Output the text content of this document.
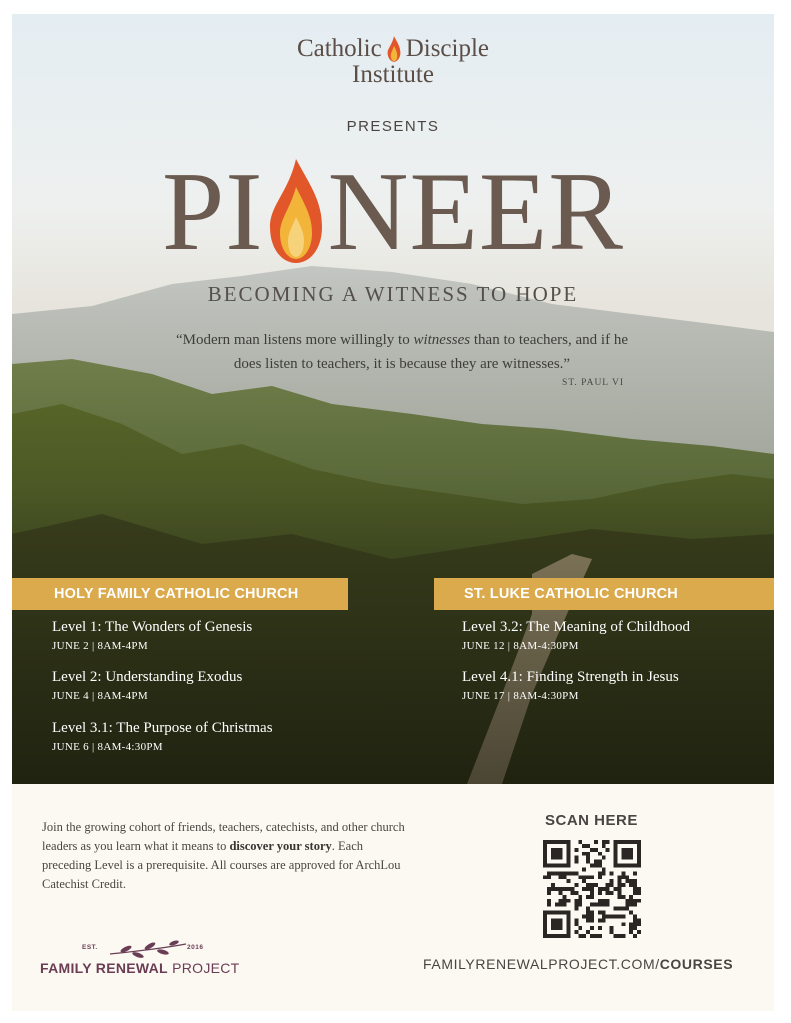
Catholic Disciple
Institute
PRESENTS
PI NEER
BECOMING A WITNESS TO HOPE
“Modern man listens more willingly to witnesses than to teachers, and if he does listen to teachers, it is because they are witnesses.”
ST. PAUL VI
HOLY FAMILY CATHOLIC CHURCH	ST. LUKE CATHOLIC CHURCH
Level 1: The Wonders of Genesis
JUNE 2 | 8AM-4PM
Level 2: Understanding Exodus
JUNE 4 | 8AM-4PM
Level 3.1: The Purpose of Christmas
JUNE 6 | 8AM-4:30PM
Level 3.2: The Meaning of Childhood
JUNE 12 | 8AM-4:30PM
Level 4.1: Finding Strength in Jesus
JUNE 17 | 8AM-4:30PM
Join the growing cohort of friends, teachers, catechists, and other church leaders as you learn what it means to discover your story. Each preceding Level is a prerequisite. All courses are approved for ArchLou Catechist Credit.
SCAN HERE
FAMILYRENEWALPROJECT.COM/COURSES
EST.	2016
FAMILY RENEWAL PROJECT
